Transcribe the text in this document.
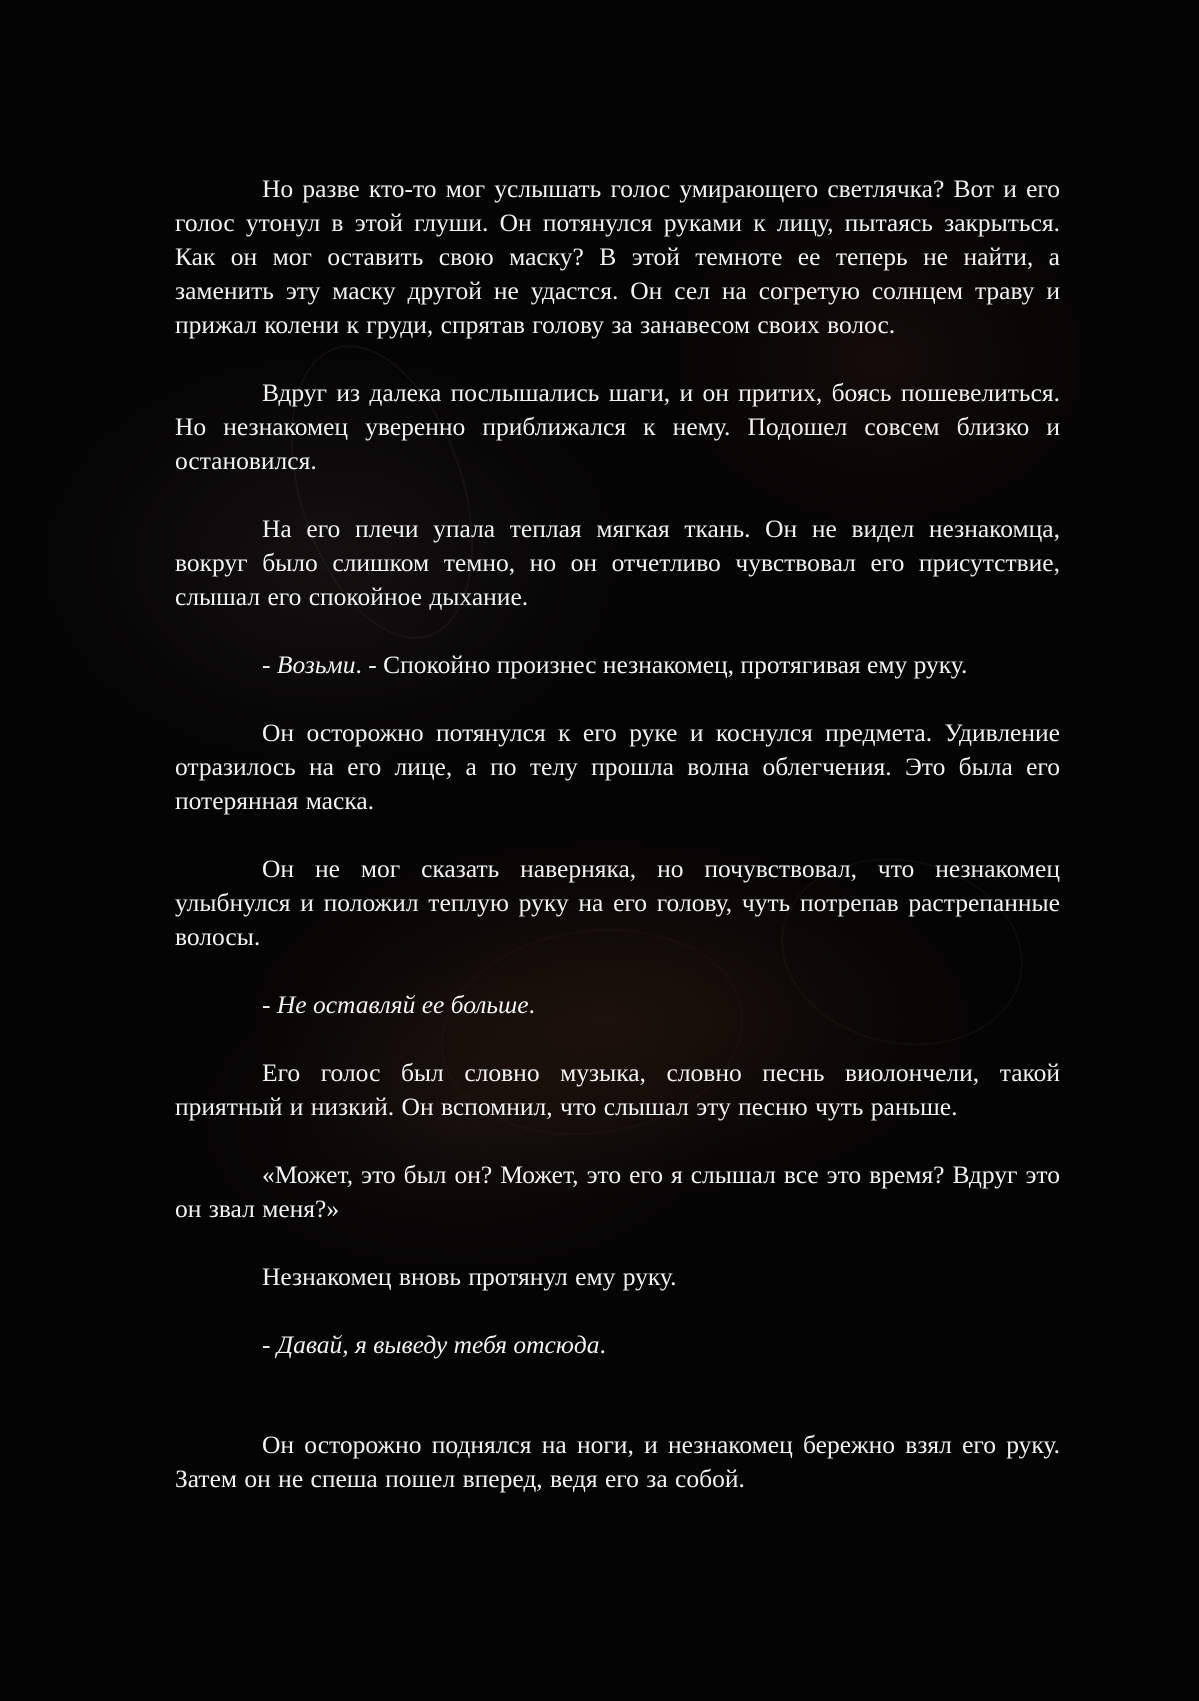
Но разве кто-то мог услышать голос умирающего светлячка? Вот и его голос утонул в этой глуши. Он потянулся руками к лицу, пытаясь закрыться. Как он мог оставить свою маску? В этой темноте ее теперь не найти, а заменить эту маску другой не удастся. Он сел на согретую солнцем траву и прижал колени к груди, спрятав голову за занавесом своих волос.

Вдруг из далека послышались шаги, и он притих, боясь пошевелиться. Но незнакомец уверенно приближался к нему. Подошел совсем близко и остановился.

На его плечи упала теплая мягкая ткань. Он не видел незнакомца, вокруг было слишком темно, но он отчетливо чувствовал его присутствие, слышал его спокойное дыхание.

- Возьми. - Спокойно произнес незнакомец, протягивая ему руку.

Он осторожно потянулся к его руке и коснулся предмета. Удивление отразилось на его лице, а по телу прошла волна облегчения. Это была его потерянная маска.

Он не мог сказать наверняка, но почувствовал, что незнакомец улыбнулся и положил теплую руку на его голову, чуть потрепав растрепанные волосы.

- Не оставляй ее больше.

Его голос был словно музыка, словно песнь виолончели, такой приятный и низкий. Он вспомнил, что слышал эту песню чуть раньше.

«Может, это был он? Может, это его я слышал все это время? Вдруг это он звал меня?»

Незнакомец вновь протянул ему руку.

- Давай, я выведу тебя отсюда.

Он осторожно поднялся на ноги, и незнакомец бережно взял его руку. Затем он не спеша пошел вперед, ведя его за собой.
